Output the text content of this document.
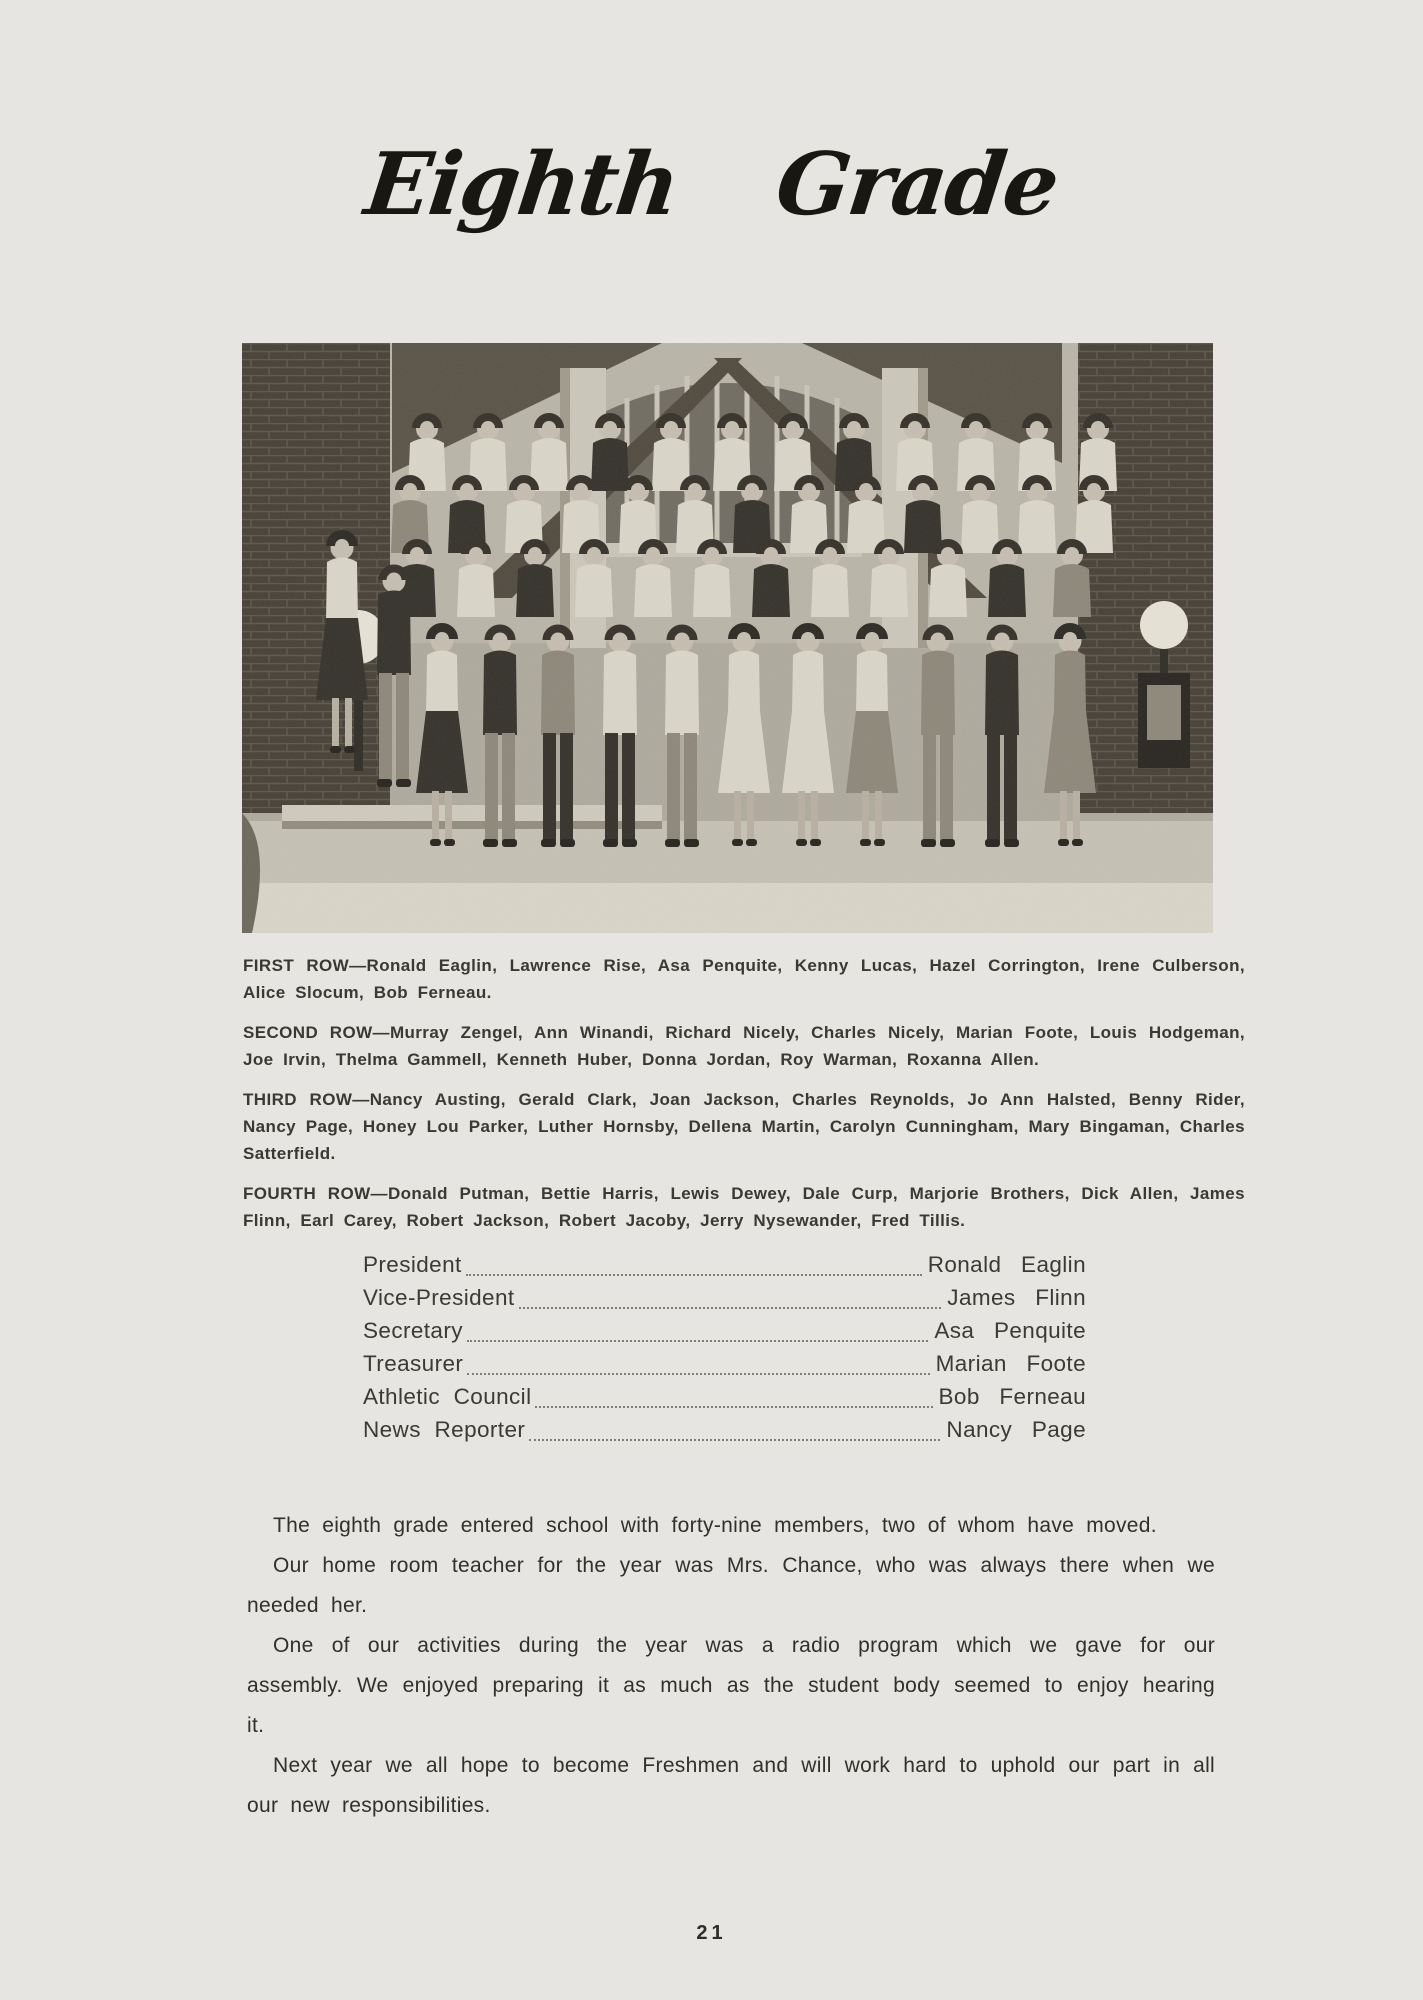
Eighth Grade

FIRST ROW—Ronald Eaglin, Lawrence Rise, Asa Penquite, Kenny Lucas, Hazel Corrington, Irene Culberson, Alice Slocum, Bob Ferneau.

SECOND ROW—Murray Zengel, Ann Winandi, Richard Nicely, Charles Nicely, Marian Foote, Louis Hodgeman, Joe Irvin, Thelma Gammell, Kenneth Huber, Donna Jordan, Roy Warman, Roxanna Allen.

THIRD ROW—Nancy Austing, Gerald Clark, Joan Jackson, Charles Reynolds, Jo Ann Halsted, Benny Rider, Nancy Page, Honey Lou Parker, Luther Hornsby, Dellena Martin, Carolyn Cunningham, Mary Bingaman, Charles Satterfield.

FOURTH ROW—Donald Putman, Bettie Harris, Lewis Dewey, Dale Curp, Marjorie Brothers, Dick Allen, James Flinn, Earl Carey, Robert Jackson, Robert Jacoby, Jerry Nysewander, Fred Tillis.

President	Ronald Eaglin
Vice-President	James Flinn
Secretary	Asa Penquite
Treasurer	Marian Foote
Athletic Council	Bob Ferneau
News Reporter	Nancy Page

The eighth grade entered school with forty-nine members, two of whom have moved.

Our home room teacher for the year was Mrs. Chance, who was always there when we needed her.

One of our activities during the year was a radio program which we gave for our assembly. We enjoyed preparing it as much as the student body seemed to enjoy hearing it.

Next year we all hope to become Freshmen and will work hard to uphold our part in all our new responsibilities.

21
